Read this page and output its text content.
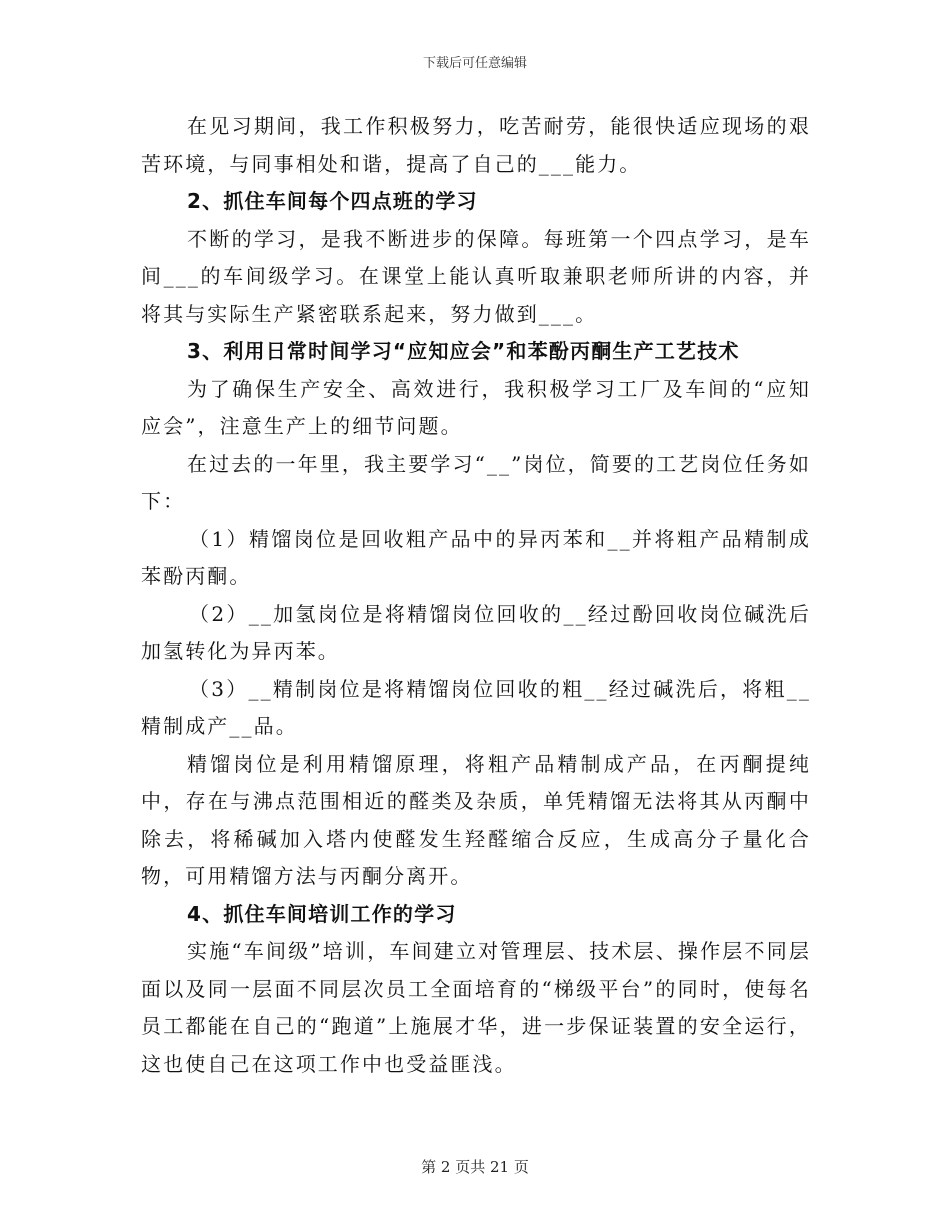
下载后可任意编辑

在见习期间，我工作积极努力，吃苦耐劳，能很快适应现场的艰苦环境，与同事相处和谐，提高了自己的___能力。

2、抓住车间每个四点班的学习

不断的学习，是我不断进步的保障。每班第一个四点学习，是车间___的车间级学习。在课堂上能认真听取兼职老师所讲的内容，并将其与实际生产紧密联系起来，努力做到___。

3、利用日常时间学习“应知应会”和苯酚丙酮生产工艺技术

为了确保生产安全、高效进行，我积极学习工厂及车间的“应知应会”，注意生产上的细节问题。

在过去的一年里，我主要学习“__”岗位，简要的工艺岗位任务如下：

（1）精馏岗位是回收粗产品中的异丙苯和__并将粗产品精制成苯酚丙酮。

（2）__加氢岗位是将精馏岗位回收的__经过酚回收岗位碱洗后加氢转化为异丙苯。

（3）__精制岗位是将精馏岗位回收的粗__经过碱洗后，将粗__精制成产__品。

精馏岗位是利用精馏原理，将粗产品精制成产品，在丙酮提纯中，存在与沸点范围相近的醛类及杂质，单凭精馏无法将其从丙酮中除去，将稀碱加入塔内使醛发生羟醛缩合反应，生成高分子量化合物，可用精馏方法与丙酮分离开。

4、抓住车间培训工作的学习

实施“车间级”培训，车间建立对管理层、技术层、操作层不同层面以及同一层面不同层次员工全面培育的“梯级平台”的同时，使每名员工都能在自己的“跑道”上施展才华，进一步保证装置的安全运行，这也使自己在这项工作中也受益匪浅。

第 2 页共 21 页
